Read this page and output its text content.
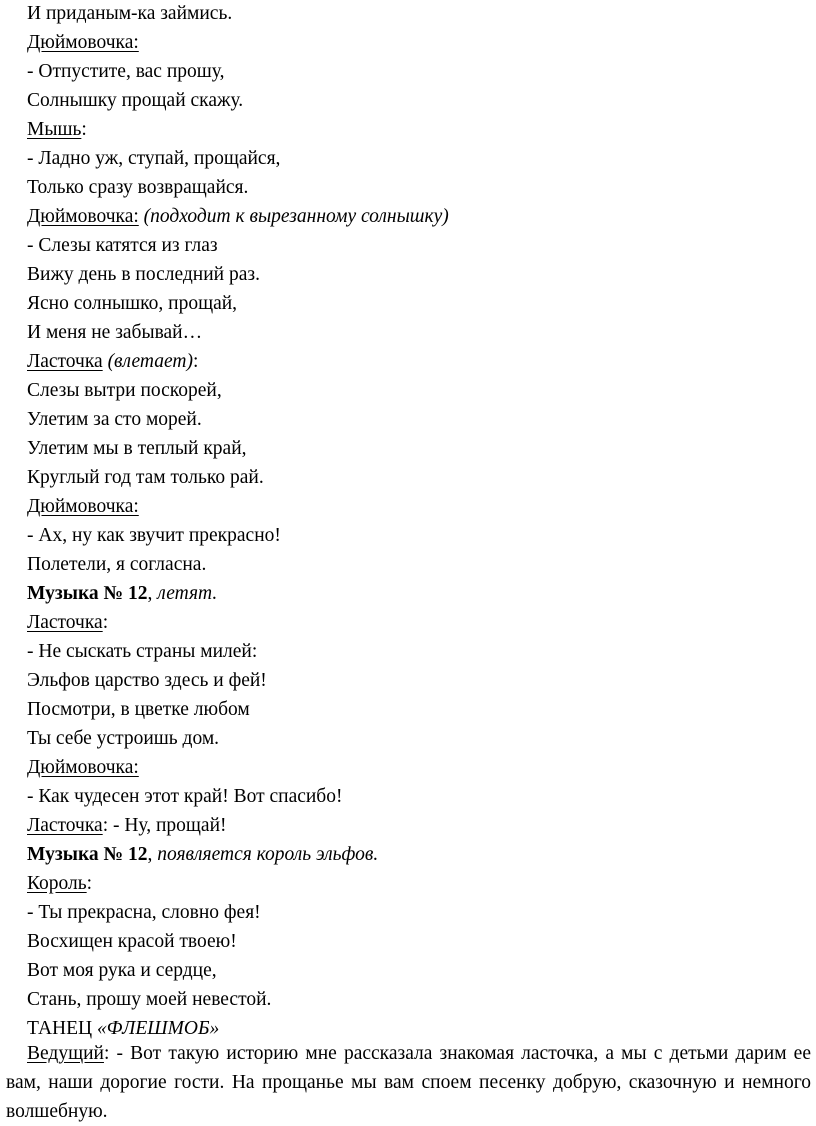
И приданым-ка займись.
Дюймовочка:
- Отпустите, вас прошу,
Солнышку прощай скажу.
Мышь:
- Ладно уж, ступай, прощайся,
Только сразу возвращайся.
Дюймовочка: (подходит к вырезанному солнышку)
- Слезы катятся из глаз
Вижу день в последний раз.
Ясно солнышко, прощай,
И меня не забывай…
Ласточка (влетает):
Слезы вытри поскорей,
Улетим за сто морей.
Улетим мы в теплый край,
Круглый год там только рай.
Дюймовочка:
- Ах, ну как звучит прекрасно!
Полетели, я согласна.
Музыка № 12, летят.
Ласточка:
- Не сыскать страны милей:
Эльфов царство здесь и фей!
Посмотри, в цветке любом
Ты себе устроишь дом.
Дюймовочка:
- Как чудесен этот край! Вот спасибо!
Ласточка: - Ну, прощай!
Музыка № 12, появляется король эльфов.
Король:
- Ты прекрасна, словно фея!
Восхищен красой твоею!
Вот моя рука и сердце,
Стань, прошу моей невестой.
ТАНЕЦ «ФЛЕШМОБ»
Ведущий: - Вот такую историю мне рассказала знакомая ласточка, а мы с детьми дарим ее вам, наши дорогие гости. На прощанье мы вам споем песенку добрую, сказочную и немного волшебную.
